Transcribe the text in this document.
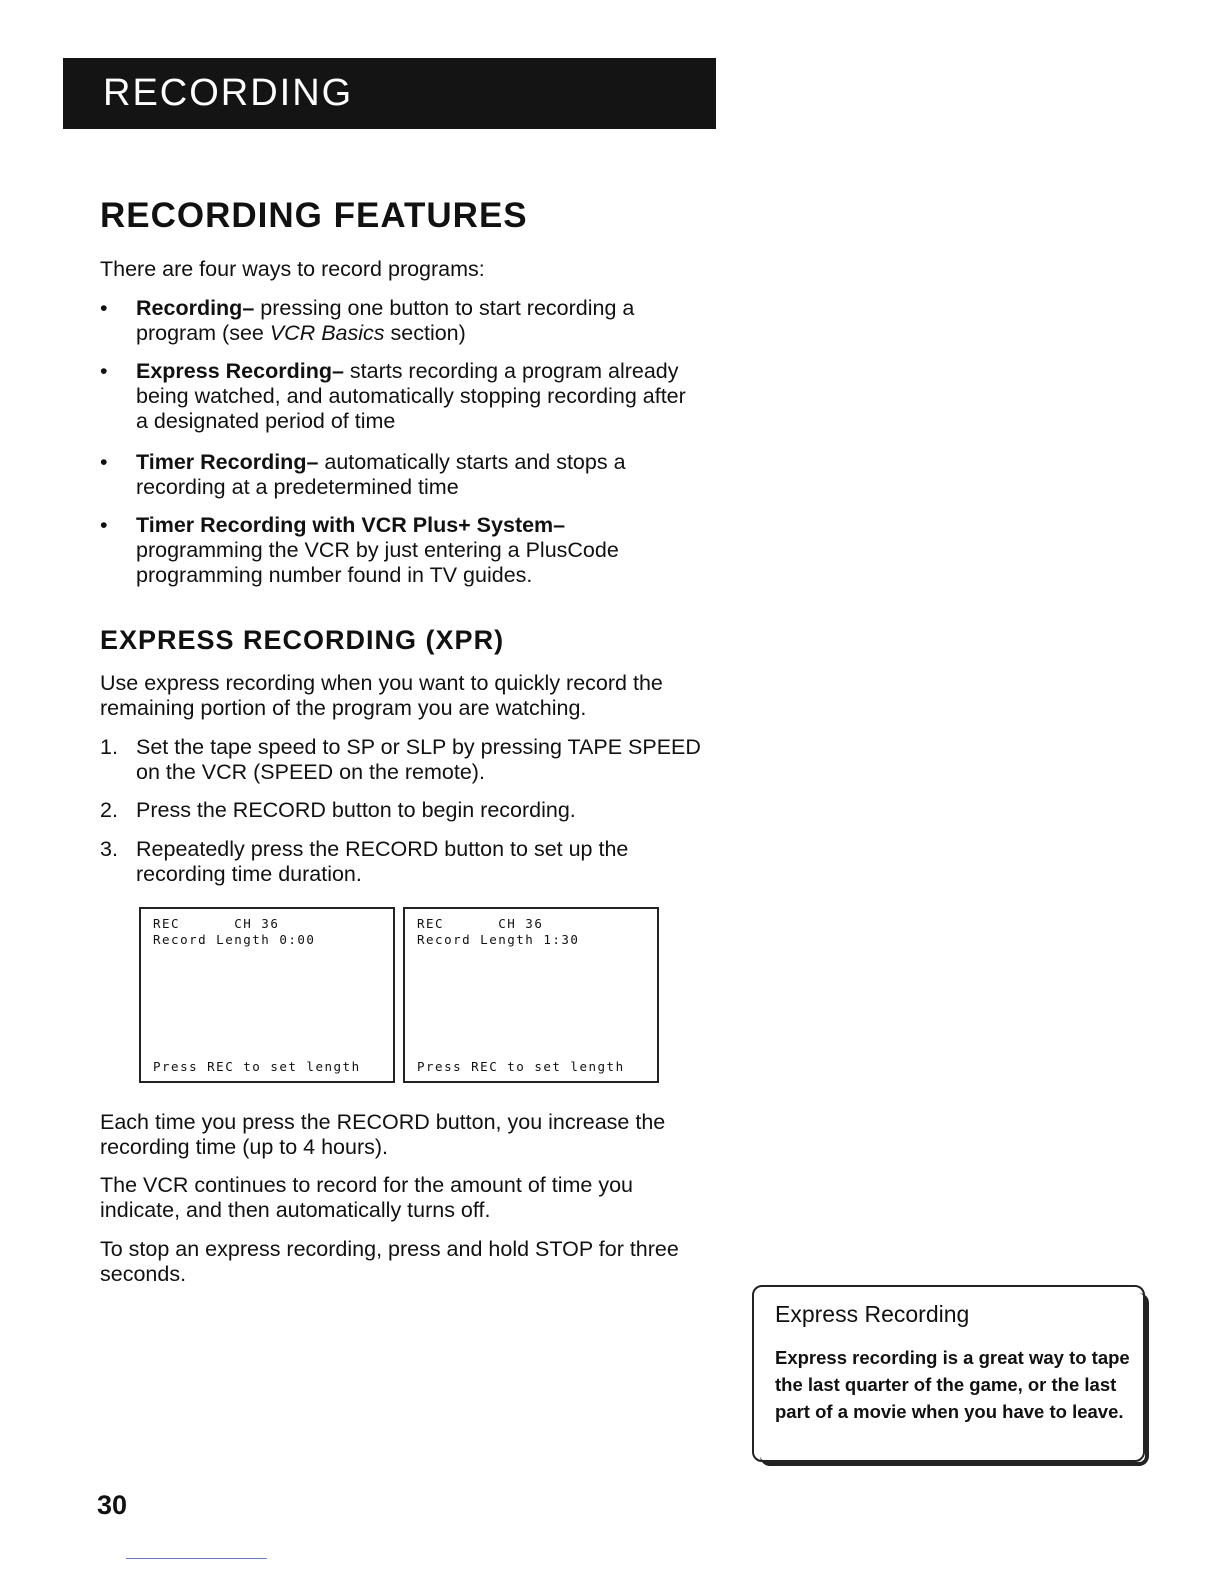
RECORDING
RECORDING FEATURES

There are four ways to record programs:

• Recording– pressing one button to start recording a program (see VCR Basics section)
• Express Recording– starts recording a program already being watched, and automatically stopping recording after a designated period of time
• Timer Recording– automatically starts and stops a recording at a predetermined time
• Timer Recording with VCR Plus+ System–
programming the VCR by just entering a PlusCode programming number found in TV guides.
EXPRESS RECORDING (XPR)

Use express recording when you want to quickly record the remaining portion of the program you are watching.

1. Set the tape speed to SP or SLP by pressing TAPE SPEED on the VCR (SPEED on the remote).
2. Press the RECORD button to begin recording.
3. Repeatedly press the RECORD button to set up the recording time duration.
REC      CH 36
Record Length 0:00
Press REC to set length
REC      CH 36
Record Length 1:30
Press REC to set length

Each time you press the RECORD button, you increase the recording time (up to 4 hours).

The VCR continues to record for the amount of time you indicate, and then automatically turns off.

To stop an express recording, press and hold STOP for three seconds.

Express Recording

Express recording is a great way to tape the last quarter of the game, or the last part of a movie when you have to leave.

30
